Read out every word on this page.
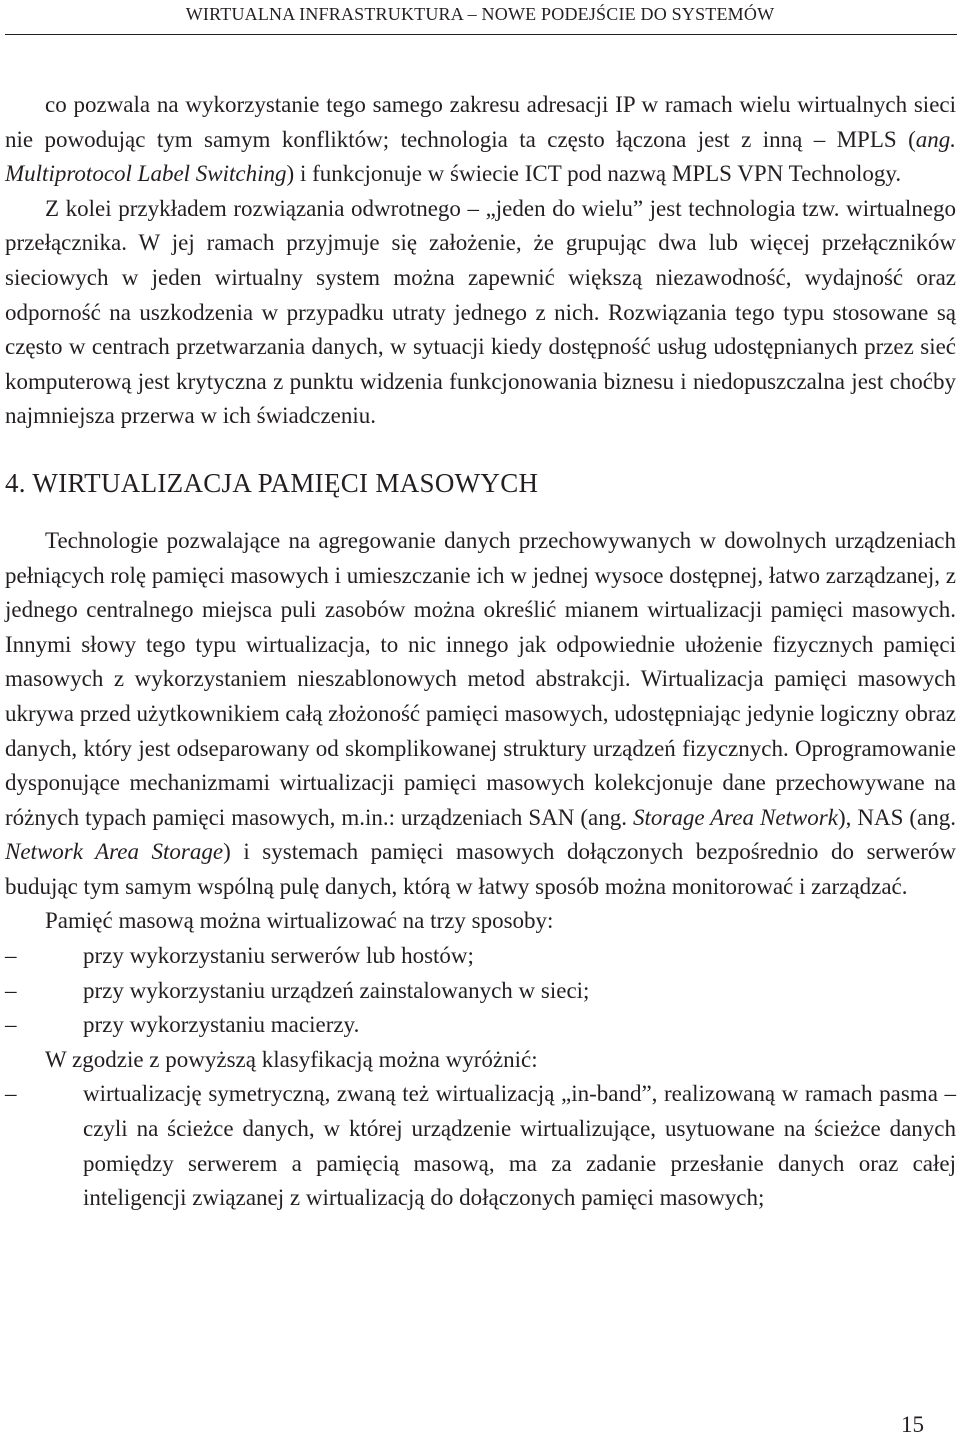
WIRTUALNA INFRASTRUKTURA – NOWE PODEJŚCIE DO SYSTEMÓW

co pozwala na wykorzystanie tego samego zakresu adresacji IP w ramach wielu wirtualnych sieci nie powodując tym samym konfliktów; technologia ta często łączona jest z inną – MPLS (ang. Multiprotocol Label Switching) i funkcjonuje w świecie ICT pod nazwą MPLS VPN Technology.

Z kolei przykładem rozwiązania odwrotnego – „jeden do wielu” jest technologia tzw. wirtualnego przełącznika. W jej ramach przyjmuje się założenie, że grupując dwa lub więcej przełączników sieciowych w jeden wirtualny system można zapewnić większą niezawodność, wydajność oraz odporność na uszkodzenia w przypadku utraty jednego z nich. Rozwiązania tego typu stosowane są często w centrach przetwarzania danych, w sytuacji kiedy dostępność usług udostępnianych przez sieć komputerową jest krytyczna z punktu widzenia funkcjonowania biznesu i niedopuszczalna jest choćby najmniejsza przerwa w ich świadczeniu.

4. WIRTUALIZACJA PAMIĘCI MASOWYCH

Technologie pozwalające na agregowanie danych przechowywanych w dowolnych urządzeniach pełniących rolę pamięci masowych i umieszczanie ich w jednej wysoce dostępnej, łatwo zarządzanej, z jednego centralnego miejsca puli zasobów można określić mianem wirtualizacji pamięci masowych. Innymi słowy tego typu wirtualizacja, to nic innego jak odpowiednie ułożenie fizycznych pamięci masowych z wykorzystaniem nieszablonowych metod abstrakcji. Wirtualizacja pamięci masowych ukrywa przed użytkownikiem całą złożoność pamięci masowych, udostępniając jedynie logiczny obraz danych, który jest odseparowany od skomplikowanej struktury urządzeń fizycznych. Oprogramowanie dysponujące mechanizmami wirtualizacji pamięci masowych kolekcjonuje dane przechowywane na różnych typach pamięci masowych, m.in.: urządzeniach SAN (ang. Storage Area Network), NAS (ang. Network Area Storage) i systemach pamięci masowych dołączonych bezpośrednio do serwerów budując tym samym wspólną pulę danych, którą w łatwy sposób można monitorować i zarządzać.

Pamięć masową można wirtualizować na trzy sposoby:

–	przy wykorzystaniu serwerów lub hostów;
–	przy wykorzystaniu urządzeń zainstalowanych w sieci;
–	przy wykorzystaniu macierzy.

W zgodzie z powyższą klasyfikacją można wyróżnić:

–	wirtualizację symetryczną, zwaną też wirtualizacją „in-band”, realizowaną w ramach pasma – czyli na ścieżce danych, w której urządzenie wirtualizujące, usytuowane na ścieżce danych pomiędzy serwerem a pamięcią masową, ma za zadanie przesłanie danych oraz całej inteligencji związanej z wirtualizacją do dołączonych pamięci masowych;
15
